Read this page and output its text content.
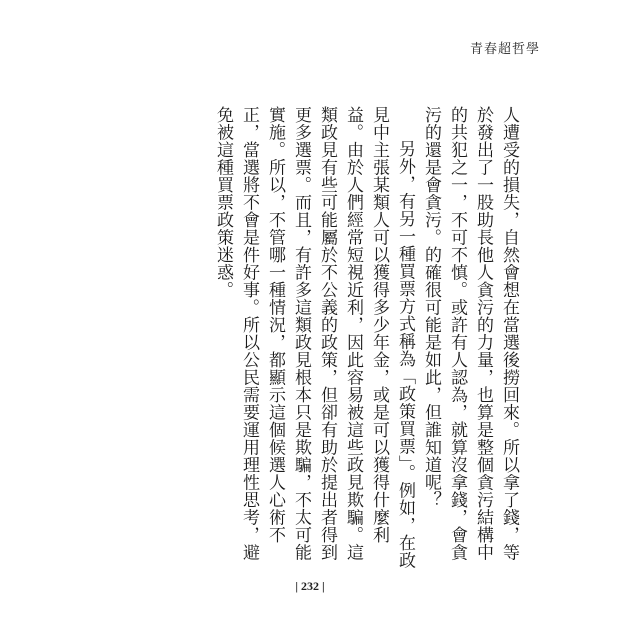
青春超哲學

人遭受的損失，自然會想在當選後撈回來。所以拿了錢，等於發出了一股助長他人貪污的力量，也算是整個貪污結構中的共犯之一，不可不慎。或許有人認為，就算沒拿錢，會貪污的還是會貪污。的確很可能是如此，但誰知道呢？

另外，有另一種買票方式稱為「政策買票」。例如，在政見中主張某類人可以獲得多少年金，或是可以獲得什麼利益。由於人們經常短視近利，因此容易被這些政見欺騙。這類政見有些可能屬於不公義的政策，但卻有助於提出者得到更多選票。而且，有許多這類政見根本只是欺騙，不太可能實施。所以，不管哪一種情況，都顯示這個候選人心術不正，當選將不會是件好事。所以公民需要運用理性思考，避免被這種買票政策迷惑。

| 232 |
